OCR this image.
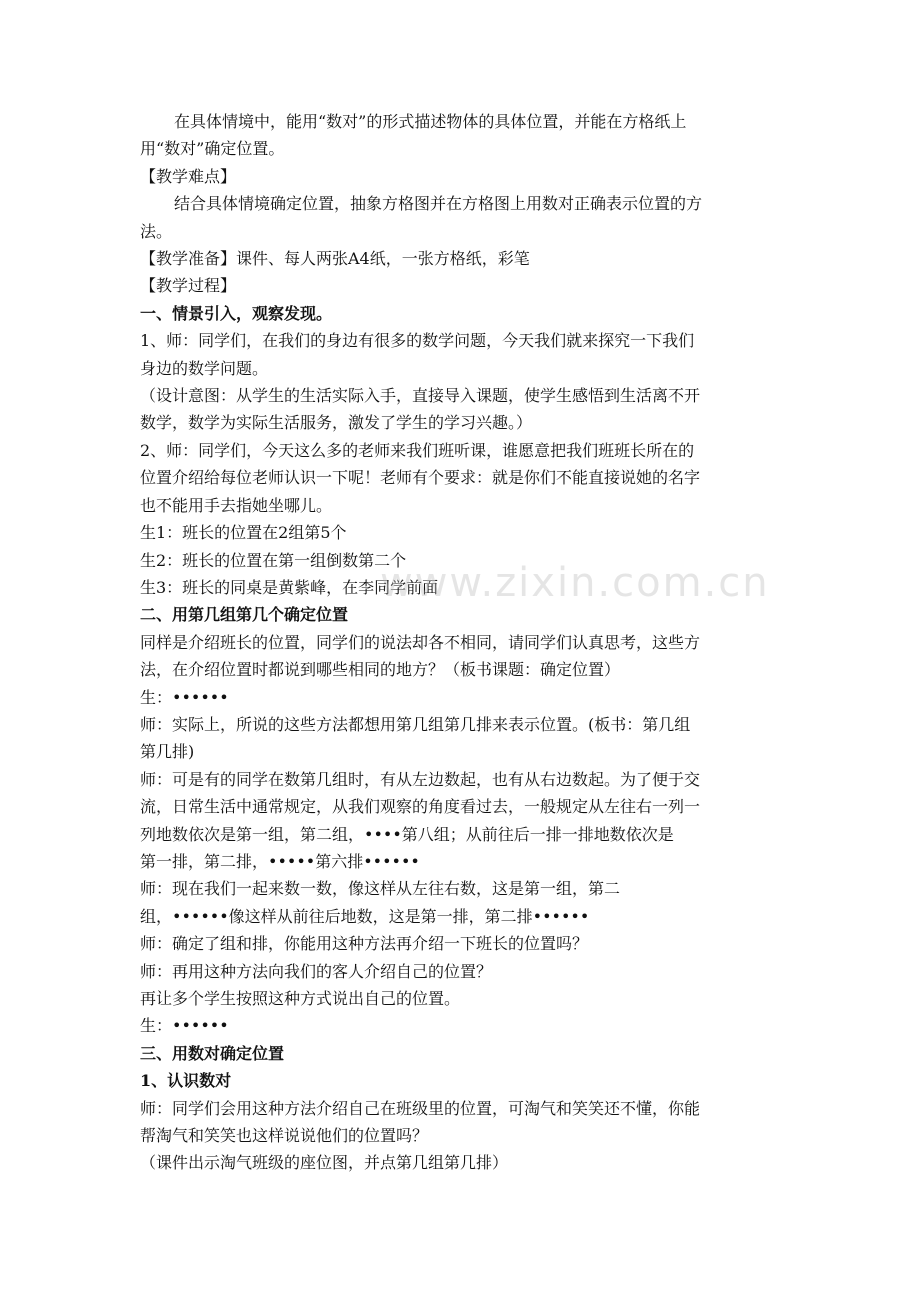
在具体情境中，能用“数对”的形式描述物体的具体位置，并能在方格纸上

用“数对”确定位置。

【教学难点】

结合具体情境确定位置，抽象方格图并在方格图上用数对正确表示位置的方

法。

【教学准备】课件、每人两张A4纸，一张方格纸，彩笔

【教学过程】

一、情景引入，观察发现。

1、师：同学们，在我们的身边有很多的数学问题，今天我们就来探究一下我们

身边的数学问题。

（设计意图：从学生的生活实际入手，直接导入课题，使学生感悟到生活离不开

数学，数学为实际生活服务，激发了学生的学习兴趣。）

2、师：同学们，今天这么多的老师来我们班听课，谁愿意把我们班班长所在的

位置介绍给每位老师认识一下呢！老师有个要求：就是你们不能直接说她的名字

也不能用手去指她坐哪儿。

生1：班长的位置在2组第5个

生2：班长的位置在第一组倒数第二个

生3：班长的同桌是黄紫峰，在李同学前面

二、用第几组第几个确定位置

同样是介绍班长的位置，同学们的说法却各不相同，请同学们认真思考，这些方

法，在介绍位置时都说到哪些相同的地方？（板书课题：确定位置）

生：••••••

师：实际上，所说的这些方法都想用第几组第几排来表示位置。(板书：第几组

第几排)

师：可是有的同学在数第几组时，有从左边数起，也有从右边数起。为了便于交

流，日常生活中通常规定，从我们观察的角度看过去，一般规定从左往右一列一

列地数依次是第一组，第二组，••••第八组；从前往后一排一排地数依次是

第一排，第二排，•••••第六排••••••

师：现在我们一起来数一数，像这样从左往右数，这是第一组，第二

组，••••••像这样从前往后地数，这是第一排，第二排••••••

师：确定了组和排，你能用这种方法再介绍一下班长的位置吗？

师：再用这种方法向我们的客人介绍自己的位置？

再让多个学生按照这种方式说出自己的位置。

生：••••••

三、用数对确定位置

1、认识数对

师：同学们会用这种方法介绍自己在班级里的位置，可淘气和笑笑还不懂，你能

帮淘气和笑笑也这样说说他们的位置吗？

（课件出示淘气班级的座位图，并点第几组第几排）

www.zixin.com.cn
